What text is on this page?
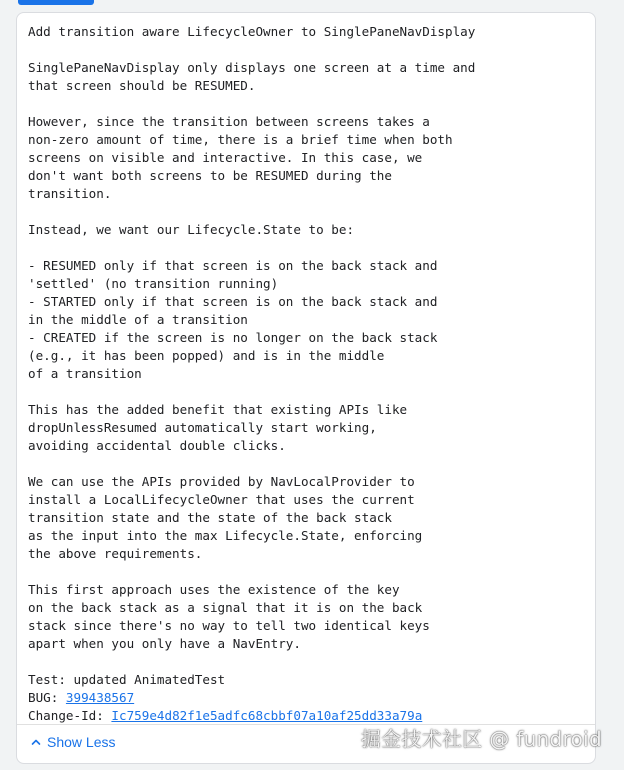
Add transition aware LifecycleOwner to SinglePaneNavDisplay

SinglePaneNavDisplay only displays one screen at a time and
that screen should be RESUMED.

However, since the transition between screens takes a
non-zero amount of time, there is a brief time when both
screens on visible and interactive. In this case, we
don't want both screens to be RESUMED during the
transition.

Instead, we want our Lifecycle.State to be:

- RESUMED only if that screen is on the back stack and
'settled' (no transition running)
- STARTED only if that screen is on the back stack and
in the middle of a transition
- CREATED if the screen is no longer on the back stack
(e.g., it has been popped) and is in the middle
of a transition

This has the added benefit that existing APIs like
dropUnlessResumed automatically start working,
avoiding accidental double clicks.

We can use the APIs provided by NavLocalProvider to
install a LocalLifecycleOwner that uses the current
transition state and the state of the back stack
as the input into the max Lifecycle.State, enforcing
the above requirements.

This first approach uses the existence of the key
on the back stack as a signal that it is on the back
stack since there's no way to tell two identical keys
apart when you only have a NavEntry.

Test: updated AnimatedTest
BUG: 399438567
Change-Id: Ic759e4d82f1e5adfc68cbbf07a10af25dd33a79a
Show Less	掘金技术社区 @ fundroid
